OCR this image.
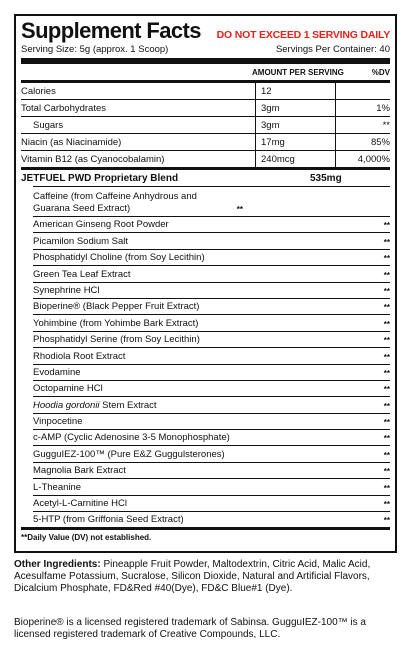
Supplement Facts DO NOT EXCEED 1 SERVING DAILY
Serving Size: 5g (approx. 1 Scoop)	Servings Per Container: 40
AMOUNT PER SERVING	%DV
Calories	12
Total Carbohydrates	3gm	1%
Sugars	3gm	**
Niacin (as Niacinamide)	17mg	85%
Vitamin B12 (as Cyanocobalamin)	240mcg	4,000%
JETFUEL PWD Proprietary Blend	535mg
Caffeine (from Caffeine Anhydrous and Guarana Seed Extract)	**
American Ginseng Root Powder	**
Picamilon Sodium Salt	**
Phosphatidyl Choline (from Soy Lecithin)	**
Green Tea Leaf Extract	**
Synephrine HCl	**
Bioperine® (Black Pepper Fruit Extract)	**
Yohimbine (from Yohimbe Bark Extract)	**
Phosphatidyl Serine (from Soy Lecithin)	**
Rhodiola Root Extract	**
Evodamine	**
Octopamine HCl	**
Hoodia gordonii Stem Extract	**
Vinpocetine	**
c-AMP (Cyclic Adenosine 3-5 Monophosphate)	**
GugguIEZ-100™ (Pure E&Z Guggulsterones)	**
Magnolia Bark Extract	**
L-Theanine	**
Acetyl-L-Carnitine HCl	**
5-HTP (from Griffonia Seed Extract)	**
**Daily Value (DV) not established.
Other Ingredients: Pineapple Fruit Powder, Maltodextrin, Citric Acid, Malic Acid, Acesulfame Potassium, Sucralose, Silicon Dioxide, Natural and Artificial Flavors, Dicalcium Phosphate, FD&Red #40(Dye), FD&C Blue#1 (Dye).
Bioperine® is a licensed registered trademark of Sabinsa. GugguIEZ-100™ is a licensed registered trademark of Creative Compounds, LLC.
